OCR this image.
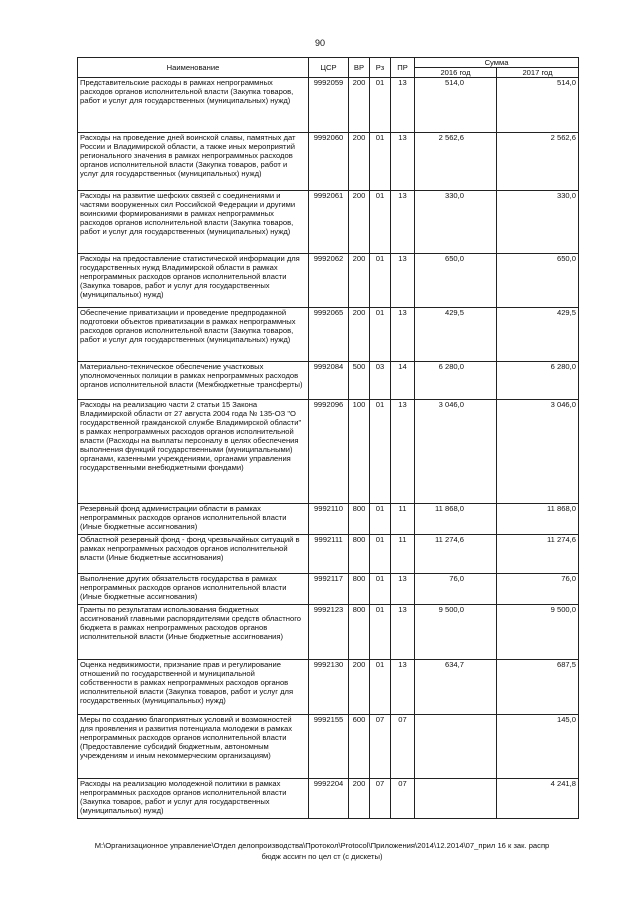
90
Наименование	ЦСР	ВР	Рз	ПР	Сумма	
					2016 год	2017 год
Представительские расходы в рамках непрограммных расходов органов исполнительной власти (Закупка товаров, работ и услуг для государственных (муниципальных) нужд)	9992059	200	01	13	514,0	514,0
Расходы на проведение дней воинской славы, памятных дат России и Владимирской области, а также иных мероприятий регионального значения в рамках непрограммных расходов органов исполнительной власти (Закупка товаров, работ и услуг для государственных (муниципальных) нужд)	9992060	200	01	13	2 562,6	2 562,6
Расходы на развитие шефских связей с соединениями и частями вооруженных сил Российской Федерации и другими воинскими формированиями в рамках непрограммных расходов органов исполнительной власти (Закупка товаров, работ и услуг для государственных (муниципальных) нужд)	9992061	200	01	13	330,0	330,0
Расходы на предоставление статистической информации для государственных нужд Владимирской области в рамках непрограммных расходов органов исполнительной власти (Закупка товаров, работ и услуг для государственных (муниципальных) нужд)	9992062	200	01	13	650,0	650,0
Обеспечение приватизации и проведение предпродажной подготовки объектов приватизации в рамках непрограммных расходов органов исполнительной власти (Закупка товаров, работ и услуг для государственных (муниципальных) нужд)	9992065	200	01	13	429,5	429,5
Материально-техническое обеспечение участковых уполномоченных полиции в рамках непрограммных расходов органов исполнительной власти (Межбюджетные трансферты)	9992084	500	03	14	6 280,0	6 280,0
Расходы на реализацию части 2 статьи 15 Закона Владимирской области от 27 августа 2004 года № 135-ОЗ "О государственной гражданской службе Владимирской области" в рамках непрограммных расходов органов исполнительной власти (Расходы на выплаты персоналу в целях обеспечения выполнения функций государственными (муниципальными) органами, казенными учреждениями, органами управления государственными внебюджетными фондами)	9992096	100	01	13	3 046,0	3 046,0
Резервный фонд администрации области в рамках непрограммных расходов органов исполнительной власти (Иные бюджетные ассигнования)	9992110	800	01	11	11 868,0	11 868,0
Областной резервный фонд - фонд чрезвычайных ситуаций в рамках непрограммных расходов органов исполнительной власти (Иные бюджетные ассигнования)	9992111	800	01	11	11 274,6	11 274,6
Выполнение других обязательств государства в рамках непрограммных расходов органов исполнительной власти (Иные бюджетные ассигнования)	9992117	800	01	13	76,0	76,0
Гранты по результатам использования бюджетных ассигнований главными распорядителями средств областного бюджета в рамках непрограммных расходов органов исполнительной власти (Иные бюджетные ассигнования)	9992123	800	01	13	9 500,0	9 500,0
Оценка недвижимости, признание прав и регулирование отношений по государственной и муниципальной собственности в рамках непрограммных расходов органов исполнительной власти (Закупка товаров, работ и услуг для государственных (муниципальных) нужд)	9992130	200	01	13	634,7	687,5
Меры по созданию благоприятных условий и возможностей для проявления и развития потенциала молодежи в рамках непрограммных расходов органов исполнительной власти (Предоставление субсидий бюджетным, автономным учреждениям и иным некоммерческим организациям)	9992155	600	07	07		145,0
Расходы на реализацию молодежной политики в рамках непрограммных расходов органов исполнительной власти (Закупка товаров, работ и услуг для государственных (муниципальных) нужд)	9992204	200	07	07		4 241,8
M:\Организационное управление\Отдел делопроизводства\Протокол\Protocol\Приложения\2014\12.2014\07_прил 16 к зак. распр
бюдж ассигн по цел ст (с дискеты)
